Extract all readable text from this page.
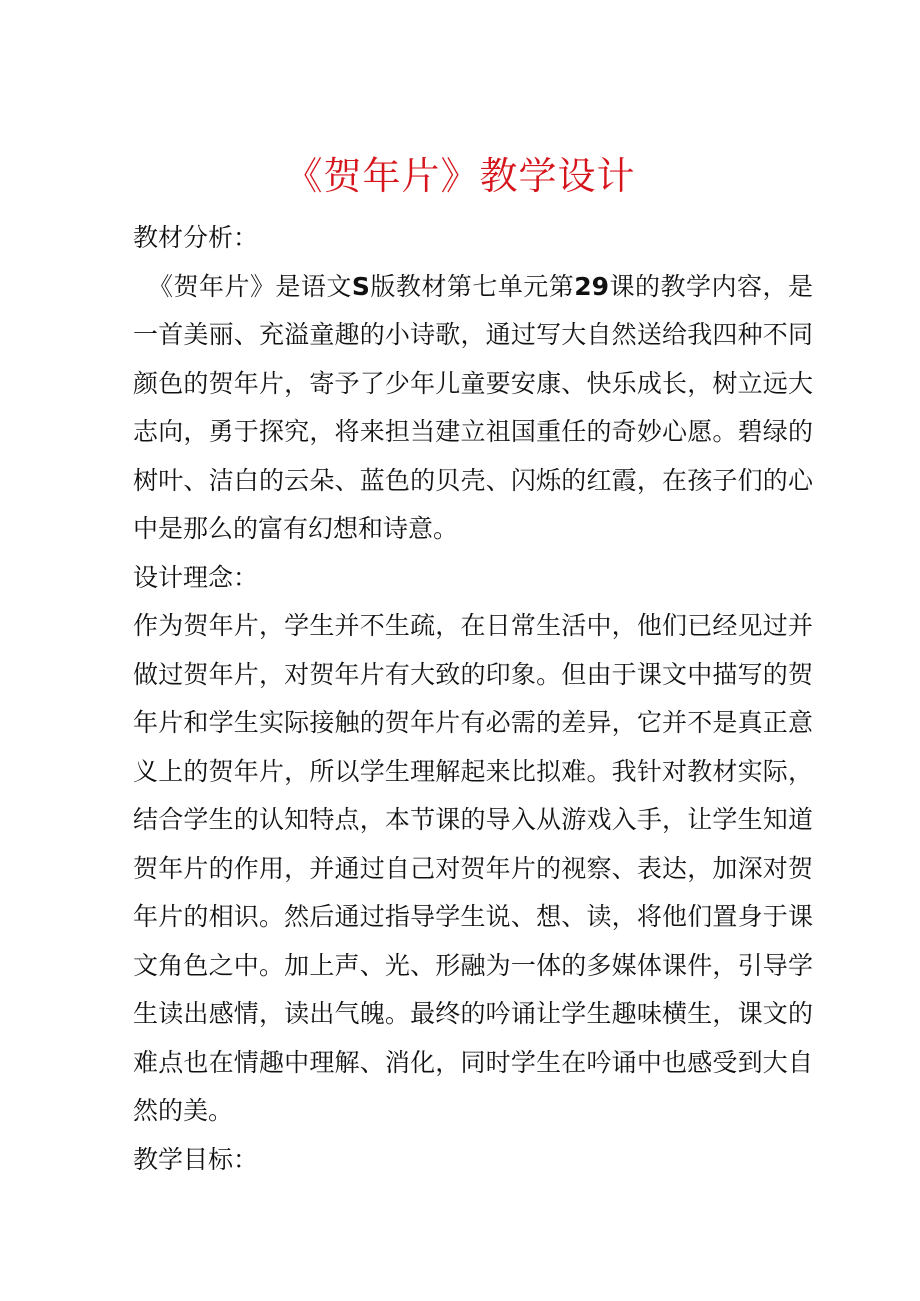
《贺年片》教学设计

教材分析：

《贺年片》是语文S版教材第七单元第29课的教学内容，是一首美丽、充溢童趣的小诗歌，通过写大自然送给我四种不同颜色的贺年片，寄予了少年儿童要安康、快乐成长，树立远大志向，勇于探究，将来担当建立祖国重任的奇妙心愿。碧绿的树叶、洁白的云朵、蓝色的贝壳、闪烁的红霞，在孩子们的心中是那么的富有幻想和诗意。

设计理念：

作为贺年片，学生并不生疏，在日常生活中，他们已经见过并做过贺年片，对贺年片有大致的印象。但由于课文中描写的贺年片和学生实际接触的贺年片有必需的差异，它并不是真正意义上的贺年片，所以学生理解起来比拟难。我针对教材实际，结合学生的认知特点，本节课的导入从游戏入手，让学生知道贺年片的作用，并通过自己对贺年片的视察、表达，加深对贺年片的相识。然后通过指导学生说、想、读，将他们置身于课文角色之中。加上声、光、形融为一体的多媒体课件，引导学生读出感情，读出气魄。最终的吟诵让学生趣味横生，课文的难点也在情趣中理解、消化，同时学生在吟诵中也感受到大自然的美。

教学目标：
